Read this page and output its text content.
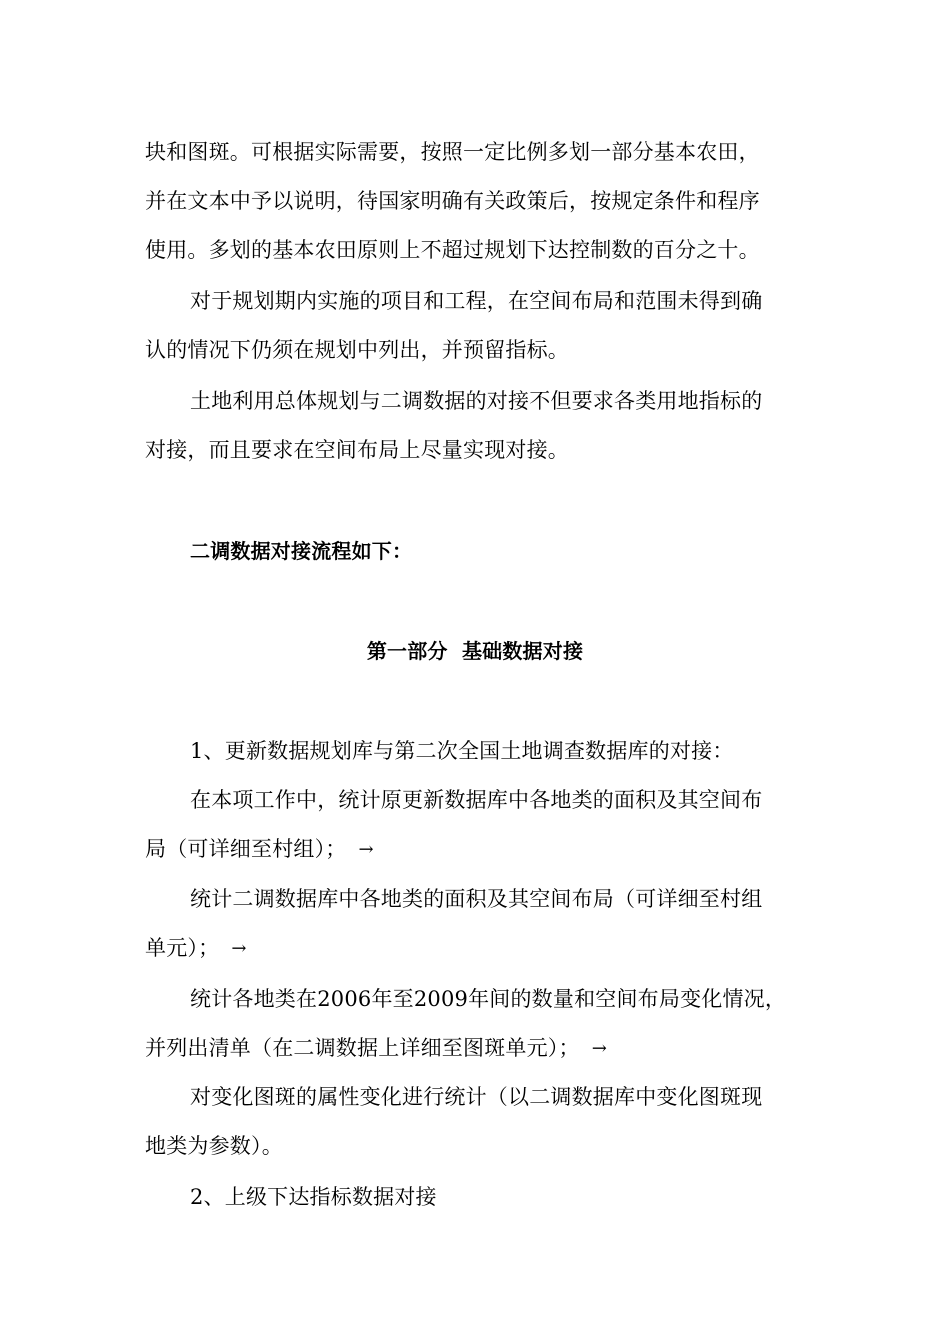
块和图斑。可根据实际需要，按照一定比例多划一部分基本农田，
并在文本中予以说明，待国家明确有关政策后，按规定条件和程序
使用。多划的基本农田原则上不超过规划下达控制数的百分之十。
对于规划期内实施的项目和工程，在空间布局和范围未得到确
认的情况下仍须在规划中列出，并预留指标。
土地利用总体规划与二调数据的对接不但要求各类用地指标的
对接，而且要求在空间布局上尽量实现对接。
二调数据对接流程如下：
第一部分  基础数据对接
1、更新数据规划库与第二次全国土地调查数据库的对接：
在本项工作中，统计原更新数据库中各地类的面积及其空间布
局（可详细至村组）； →
统计二调数据库中各地类的面积及其空间布局（可详细至村组
单元）； →
统计各地类在2006年至2009年间的数量和空间布局变化情况，
并列出清单（在二调数据上详细至图斑单元）； →
对变化图斑的属性变化进行统计（以二调数据库中变化图斑现
地类为参数）。
2、上级下达指标数据对接
